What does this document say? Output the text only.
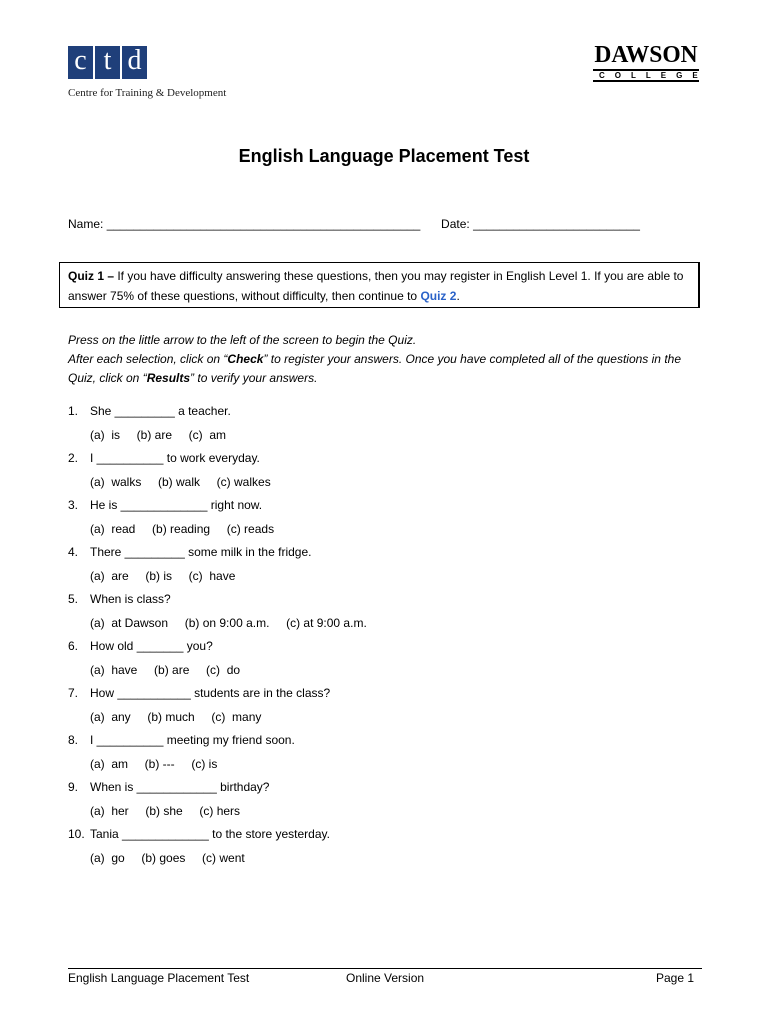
c t d
Centre for Training & Development
DAWSON
COLLEGE
English Language Placement Test
Name: _______________________________________________ Date: _________________________
Quiz 1 – If you have difficulty answering these questions, then you may register in English Level 1. If you are able to answer 75% of these questions, without difficulty, then continue to Quiz 2.
Press on the little arrow to the left of the screen to begin the Quiz.
After each selection, click on “Check” to register your answers. Once you have completed all of the questions in the Quiz, click on “Results” to verify your answers.
1. She _________ a teacher.
(a)  is     (b) are     (c)  am
2. I __________ to work everyday.
(a)  walks     (b) walk     (c) walkes
3. He is _____________ right now.
(a)  read     (b) reading     (c) reads
4. There _________ some milk in the fridge.
(a)  are     (b) is     (c)  have
5. When is class?
(a)  at Dawson     (b) on 9:00 a.m.     (c) at 9:00 a.m.
6. How old _______ you?
(a)  have     (b) are     (c)  do
7. How ___________ students are in the class?
(a)  any     (b) much     (c)  many
8. I __________ meeting my friend soon.
(a)  am     (b) ---     (c) is
9. When is ____________ birthday?
(a)  her     (b) she     (c) hers
10. Tania _____________ to the store yesterday.
(a)  go     (b) goes     (c) went
English Language Placement Test	Online Version	Page 1
